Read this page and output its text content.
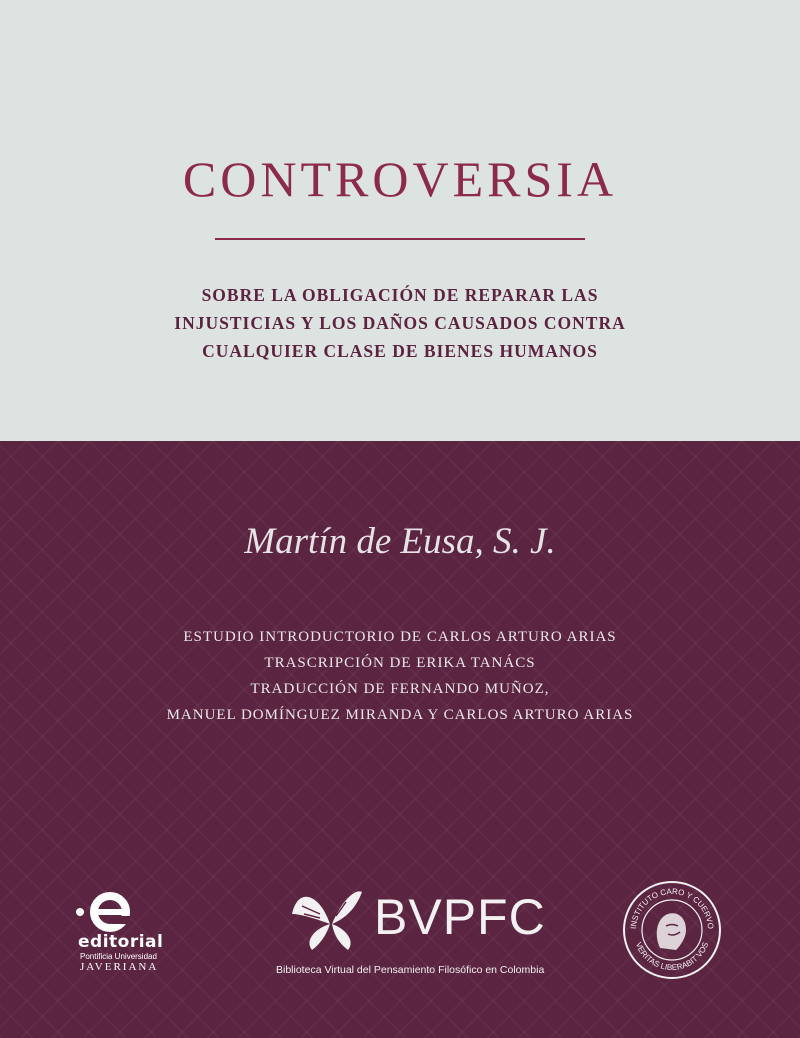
CONTROVERSIA
SOBRE LA OBLIGACIÓN DE REPARAR LAS
INJUSTICIAS Y LOS DAÑOS CAUSADOS CONTRA
CUALQUIER CLASE DE BIENES HUMANOS
Martín de Eusa, S. J.
ESTUDIO INTRODUCTORIO DE CARLOS ARTURO ARIAS
TRASCRIPCIÓN DE ERIKA TANÁCS
TRADUCCIÓN DE FERNANDO MUÑOZ,
MANUEL DOMÍNGUEZ MIRANDA Y CARLOS ARTURO ARIAS
editorial
Pontificia Universidad
JAVERIANA
BVPFC
Biblioteca Virtual del Pensamiento Filosófico en Colombia
INSTITUTO CARO Y CUERVO
VERITAS LIBERABIT VOS
